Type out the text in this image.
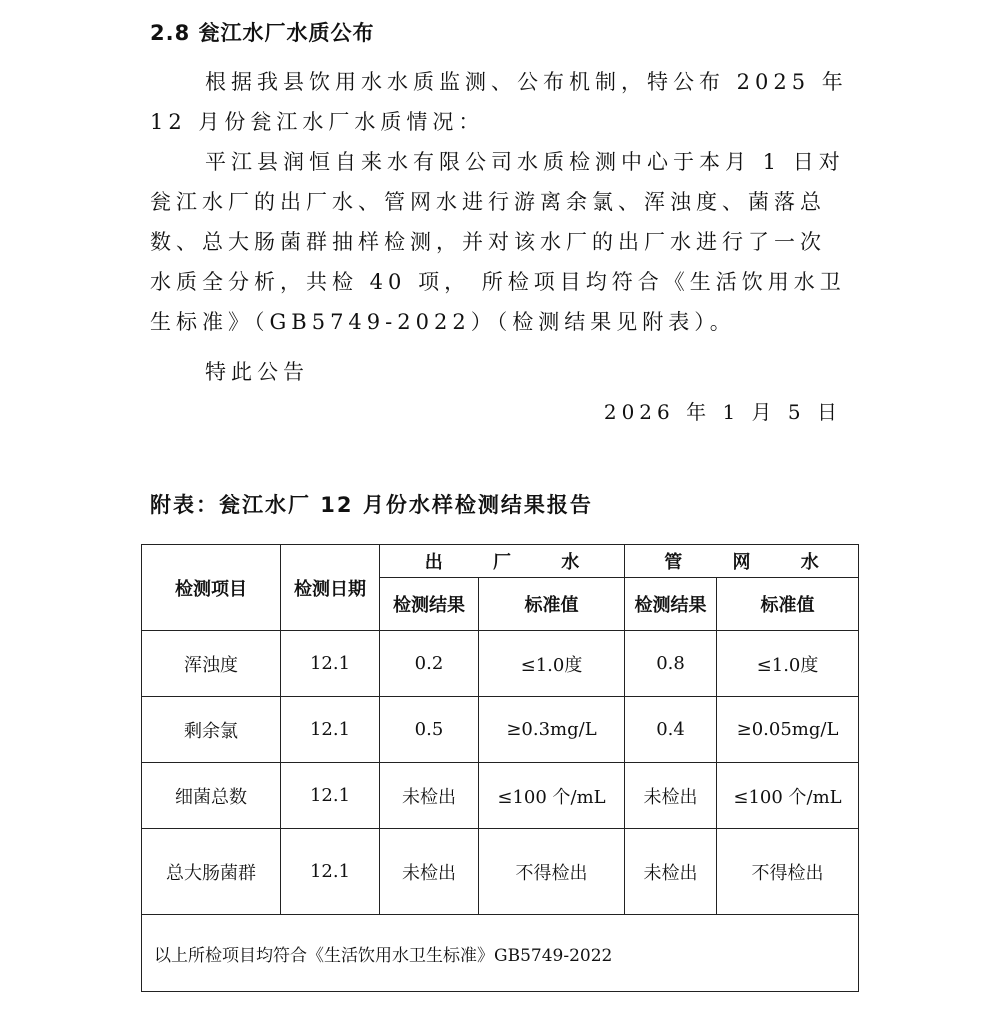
2.8 瓮江水厂水质公布
根据我县饮用水水质监测、公布机制，特公布 2025 年 12 月份瓮江水厂水质情况：
平江县润恒自来水有限公司水质检测中心于本月 1 日对瓮江水厂的出厂水、管网水进行游离余氯、浑浊度、菌落总数、总大肠菌群抽样检测，并对该水厂的出厂水进行了一次水质全分析，共检 40 项， 所检项目均符合《生活饮用水卫生标准》（GB5749-2022）（检测结果见附表）。
特此公告
2026 年 1 月 5 日
附表：瓮江水厂 12 月份水样检测结果报告
检测项目	检测日期	出 厂 水		管 网 水	
		检测结果	标准值	检测结果	标准值
浑浊度	12.1	0.2	≤1.0度	0.8	≤1.0度
剩余氯	12.1	0.5	≥0.3mg/L	0.4	≥0.05mg/L
细菌总数	12.1	未检出	≤100 个/mL	未检出	≤100 个/mL
总大肠菌群	12.1	未检出	不得检出	未检出	不得检出
以上所检项目均符合《生活饮用水卫生标准》GB5749-2022					
